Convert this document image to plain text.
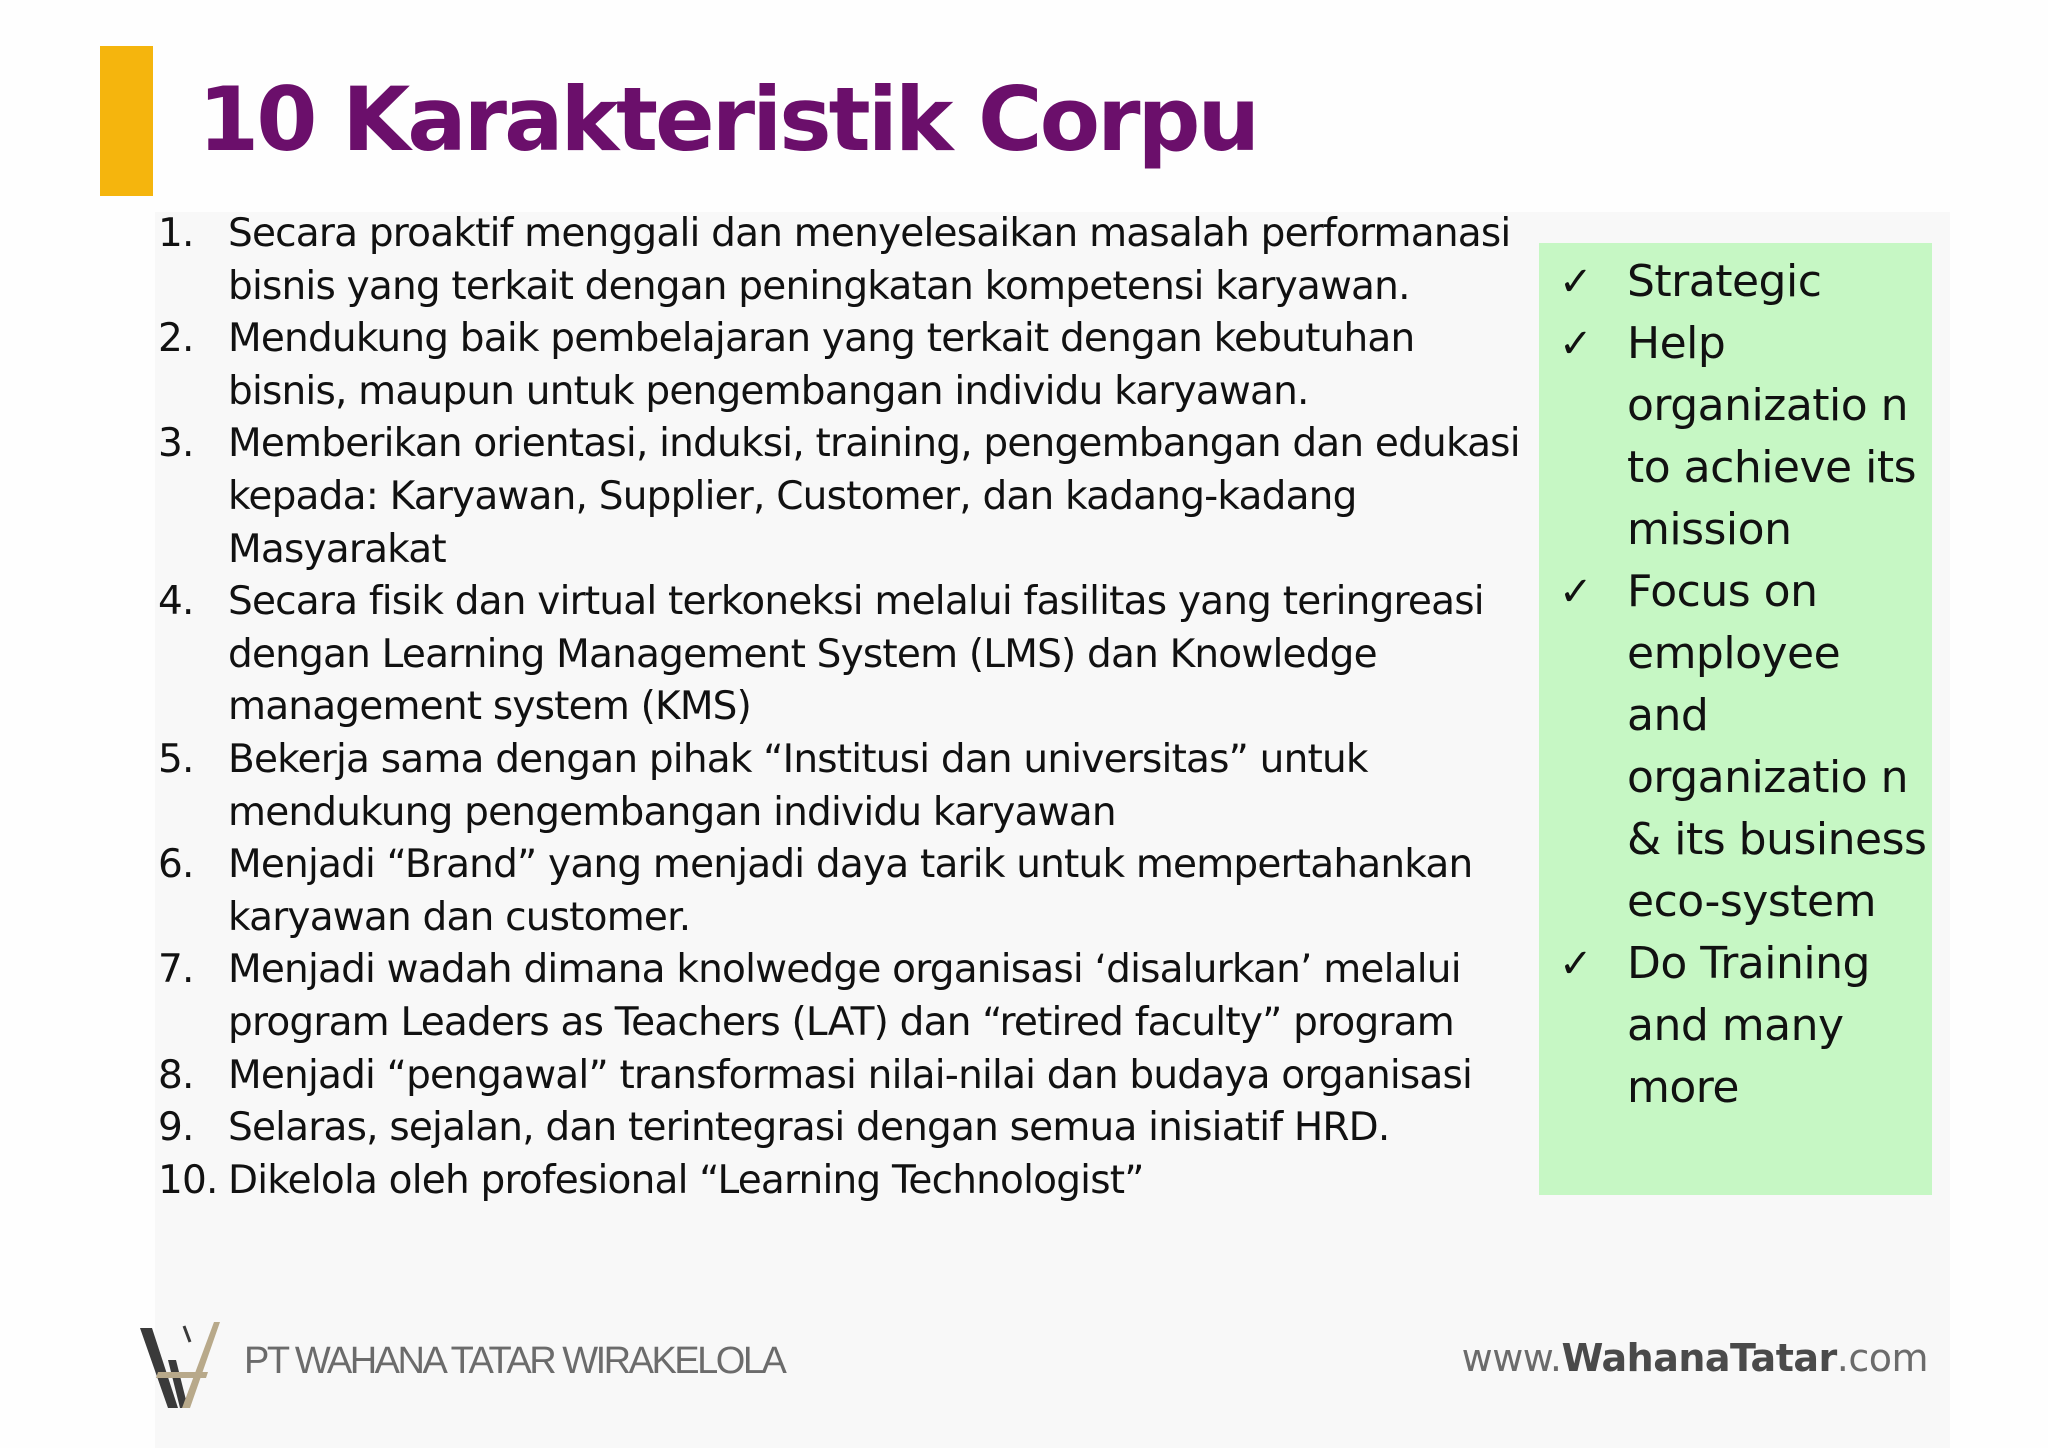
10 Karakteristik Corpu
1. Secara proaktif menggali dan menyelesaikan masalah performanasi bisnis yang terkait dengan peningkatan kompetensi karyawan.
2. Mendukung baik pembelajaran yang terkait dengan kebutuhan bisnis, maupun untuk pengembangan individu karyawan.
3. Memberikan orientasi, induksi, training, pengembangan dan edukasi kepada: Karyawan, Supplier, Customer, dan kadang-kadang Masyarakat
4. Secara fisik dan virtual terkoneksi melalui fasilitas yang teringreasi dengan Learning Management System (LMS) dan Knowledge management system (KMS)
5. Bekerja sama dengan pihak “Institusi dan universitas” untuk mendukung pengembangan individu karyawan
6. Menjadi “Brand” yang menjadi daya tarik untuk mempertahankan karyawan dan customer.
7. Menjadi wadah dimana knolwedge organisasi ‘disalurkan’ melalui program Leaders as Teachers (LAT) dan “retired faculty” program
8. Menjadi “pengawal” transformasi nilai-nilai dan budaya organisasi
9. Selaras, sejalan, dan terintegrasi dengan semua inisiatif HRD.
10. Dikelola oleh profesional “Learning Technologist”
✓ Strategic
✓ Help organizatio n to achieve its mission
✓ Focus on employee and organizatio n & its business eco-system
✓ Do Training and many more
PT WAHANA TATAR WIRAKELOLA	www.WahanaTatar.com
